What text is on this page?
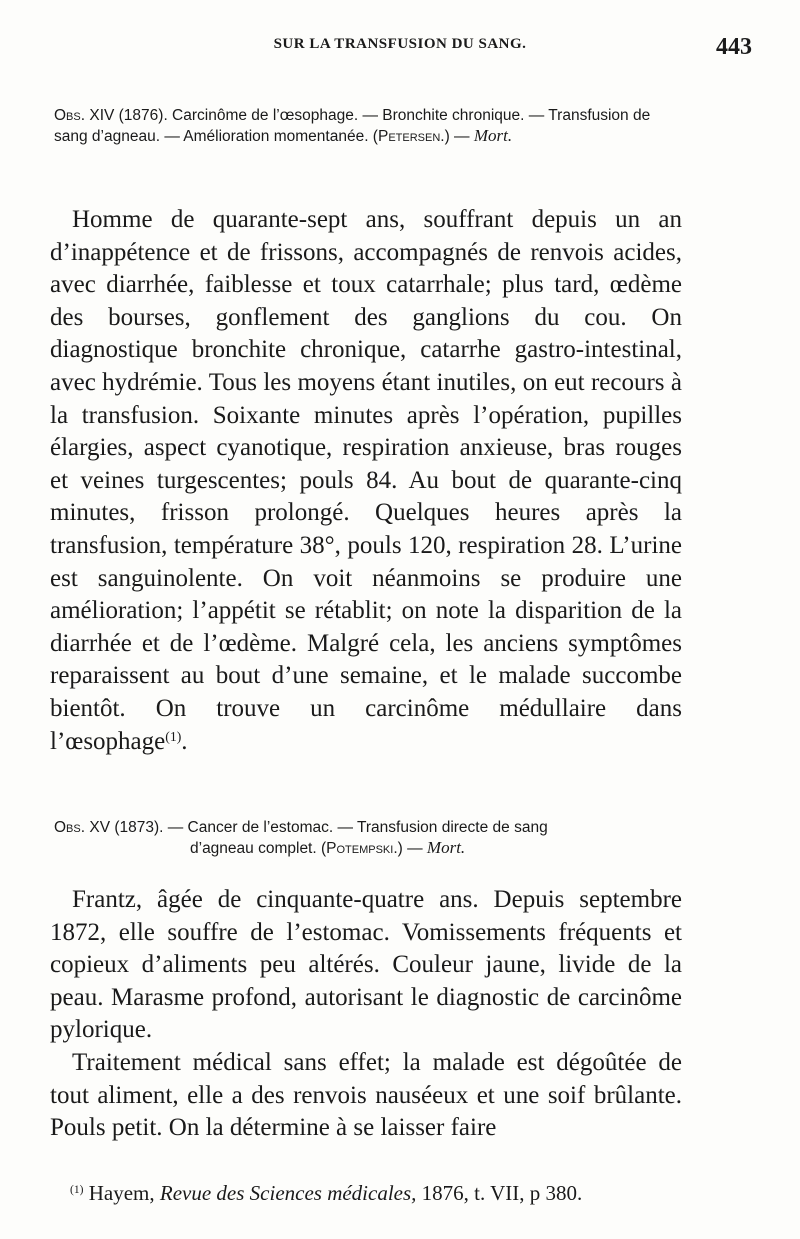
SUR LA TRANSFUSION DU SANG.	443
Obs. XIV (1876). Carcinôme de l’œsophage. — Bronchite chronique. — Transfusion de sang d’agneau. — Amélioration momentanée. (Petersen.) — Mort.
Homme de quarante-sept ans, souffrant depuis un an d’inappétence et de frissons, accompagnés de renvois acides, avec diarrhée, faiblesse et toux catarrhale; plus tard, œdème des bourses, gonflement des ganglions du cou. On diagnostique bronchite chronique, catarrhe gastro-intestinal, avec hydrémie. Tous les moyens étant inutiles, on eut recours à la transfusion. Soixante minutes après l’opération, pupilles élargies, aspect cyanotique, respiration anxieuse, bras rouges et veines turgescentes; pouls 84. Au bout de quarante-cinq minutes, frisson prolongé. Quelques heures après la transfusion, température 38°, pouls 120, respiration 28. L’urine est sanguinolente. On voit néanmoins se produire une amélioration; l’appétit se rétablit; on note la disparition de la diarrhée et de l’œdème. Malgré cela, les anciens symptômes reparaissent au bout d’une semaine, et le malade succombe bientôt. On trouve un carcinôme médullaire dans l’œsophage$^{(1)}$.
Obs. XV (1873). — Cancer de l’estomac. — Transfusion directe de sang
d’agneau complet. (Potempski.) — Mort.
Frantz, âgée de cinquante-quatre ans. Depuis septembre 1872, elle souffre de l’estomac. Vomissements fréquents et copieux d’aliments peu altérés. Couleur jaune, livide de la peau. Marasme profond, autorisant le diagnostic de carcinôme pylorique.
Traitement médical sans effet; la malade est dégoûtée de tout aliment, elle a des renvois nauséeux et une soif brûlante. Pouls petit. On la détermine à se laisser faire
$^{(1)}$ Hayem, Revue des Sciences médicales, 1876, t. VII, p 380.
